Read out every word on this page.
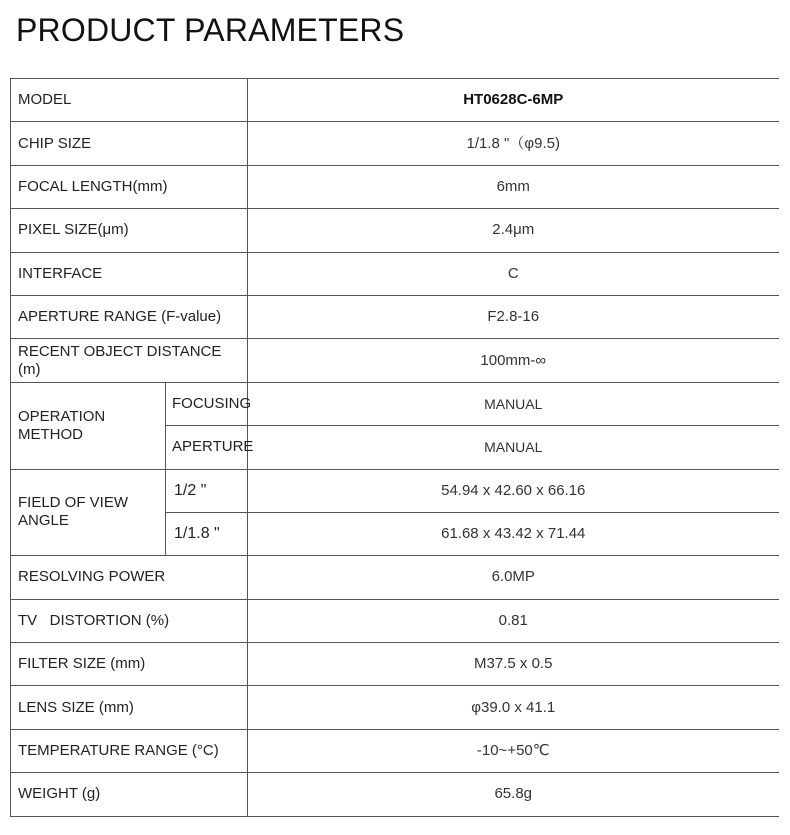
PRODUCT PARAMETERS
MODEL		HT0628C-6MP
CHIP SIZE		1/1.8 "（φ9.5)
FOCAL LENGTH(mm)		6mm
PIXEL SIZE(μm)		2.4μm
INTERFACE		C
APERTURE RANGE (F-value)		F2.8-16
RECENT OBJECT DISTANCE (m)		100mm-∞
OPERATION METHOD	FOCUSING	MANUAL
	APERTURE	MANUAL
FIELD OF VIEW ANGLE	1/2 "	54.94 x 42.60 x 66.16
	1/1.8 "	61.68 x 43.42 x 71.44
RESOLVING POWER		6.0MP
TV   DISTORTION (%)		0.81
FILTER SIZE (mm)		M37.5 x 0.5
LENS SIZE (mm)		φ39.0 x 41.1
TEMPERATURE RANGE (°C)		-10~+50℃
WEIGHT (g)		65.8g
